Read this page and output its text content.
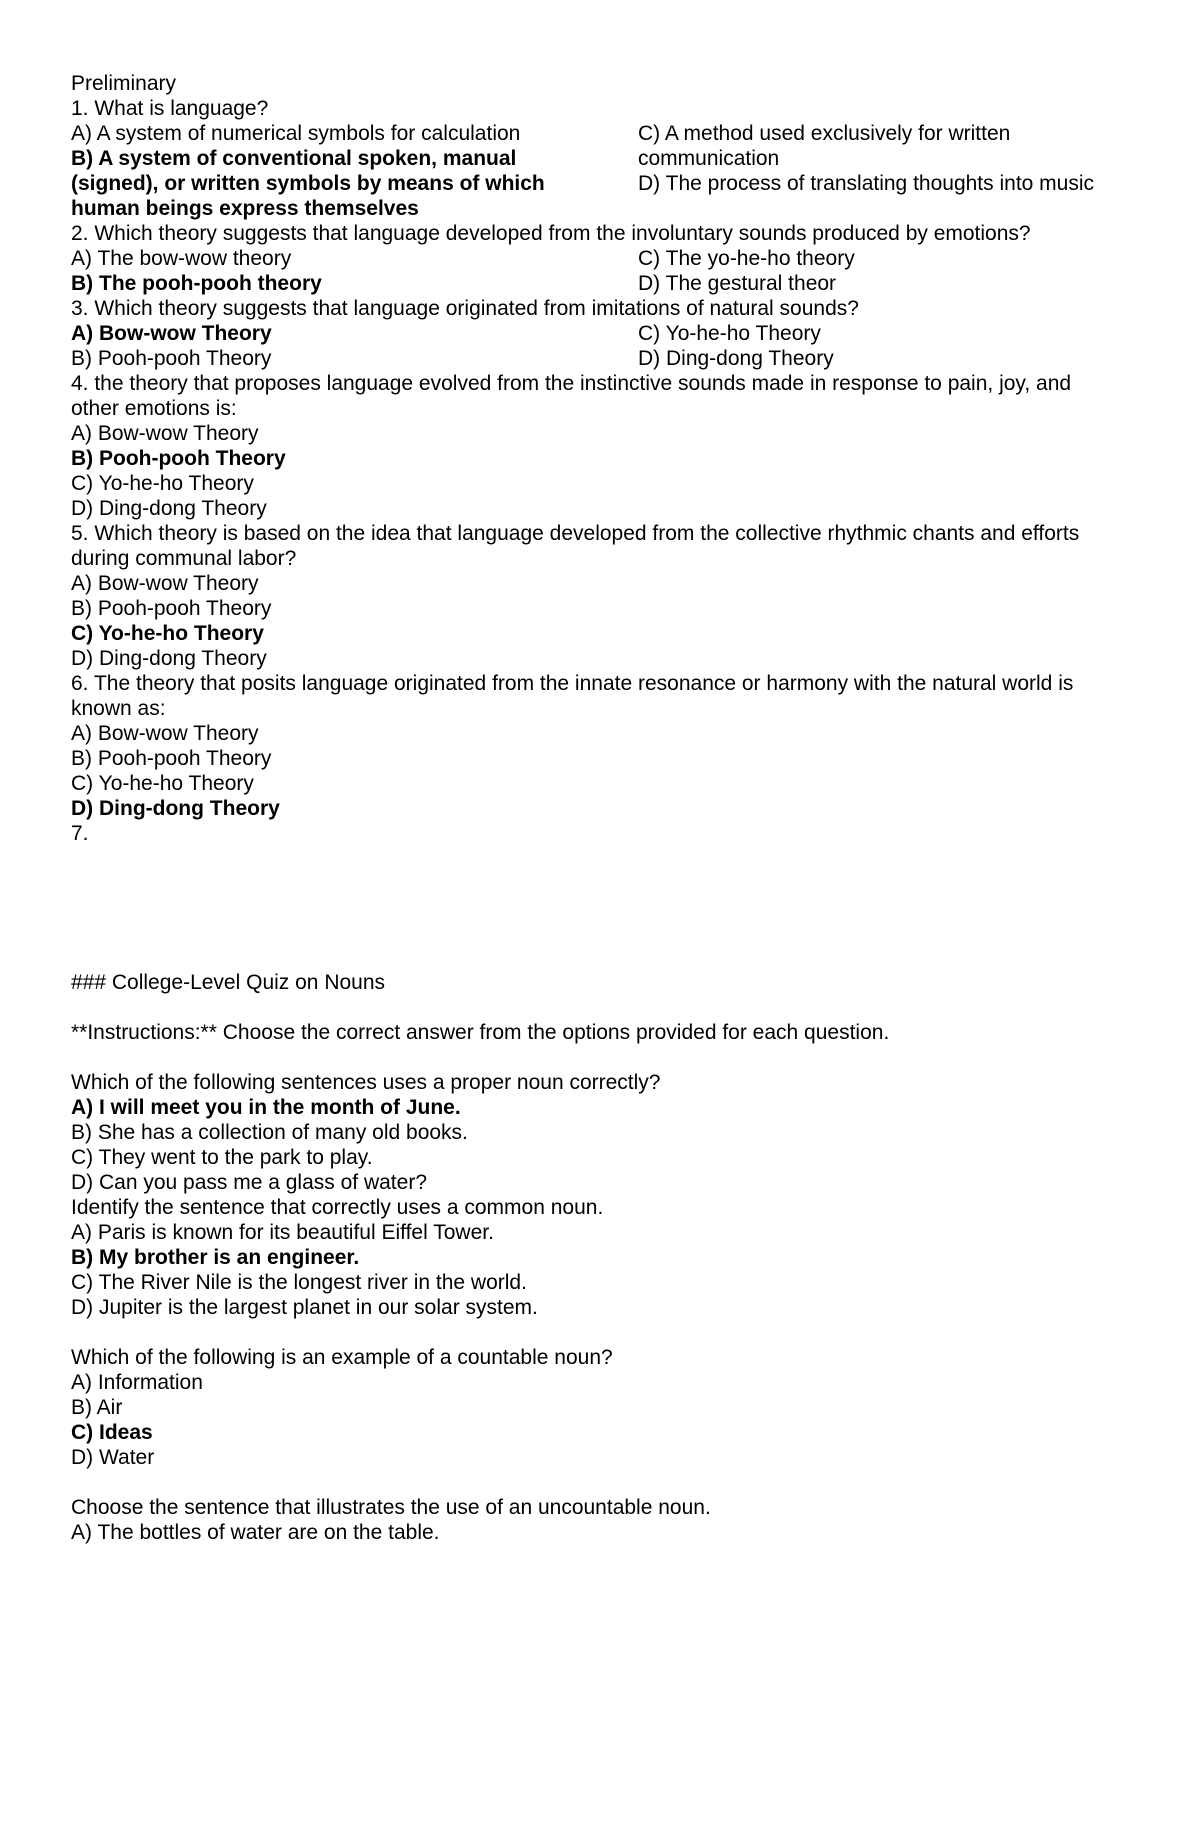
Preliminary
1. What is language?
A) A system of numerical symbols for calculation
B) A system of conventional spoken, manual
(signed), or written symbols by means of which
human beings express themselves
C) A method used exclusively for written
communication
D) The process of translating thoughts into music
2. Which theory suggests that language developed from the involuntary sounds produced by emotions?
A) The bow-wow theory	C) The yo-he-ho theory
B) The pooh-pooh theory	D) The gestural theor
3. Which theory suggests that language originated from imitations of natural sounds?
A) Bow-wow Theory	C) Yo-he-ho Theory
B) Pooh-pooh Theory	D) Ding-dong Theory
4. the theory that proposes language evolved from the instinctive sounds made in response to pain, joy, and
other emotions is:
A) Bow-wow Theory
B) Pooh-pooh Theory
C) Yo-he-ho Theory
D) Ding-dong Theory
5. Which theory is based on the idea that language developed from the collective rhythmic chants and efforts
during communal labor?
A) Bow-wow Theory
B) Pooh-pooh Theory
C) Yo-he-ho Theory
D) Ding-dong Theory
6. The theory that posits language originated from the innate resonance or harmony with the natural world is
known as:
A) Bow-wow Theory
B) Pooh-pooh Theory
C) Yo-he-ho Theory
D) Ding-dong Theory
7.
### College-Level Quiz on Nouns
**Instructions:** Choose the correct answer from the options provided for each question.
Which of the following sentences uses a proper noun correctly?
A) I will meet you in the month of June.
B) She has a collection of many old books.
C) They went to the park to play.
D) Can you pass me a glass of water?
Identify the sentence that correctly uses a common noun.
A) Paris is known for its beautiful Eiffel Tower.
B) My brother is an engineer.
C) The River Nile is the longest river in the world.
D) Jupiter is the largest planet in our solar system.
Which of the following is an example of a countable noun?
A) Information
B) Air
C) Ideas
D) Water
Choose the sentence that illustrates the use of an uncountable noun.
A) The bottles of water are on the table.
